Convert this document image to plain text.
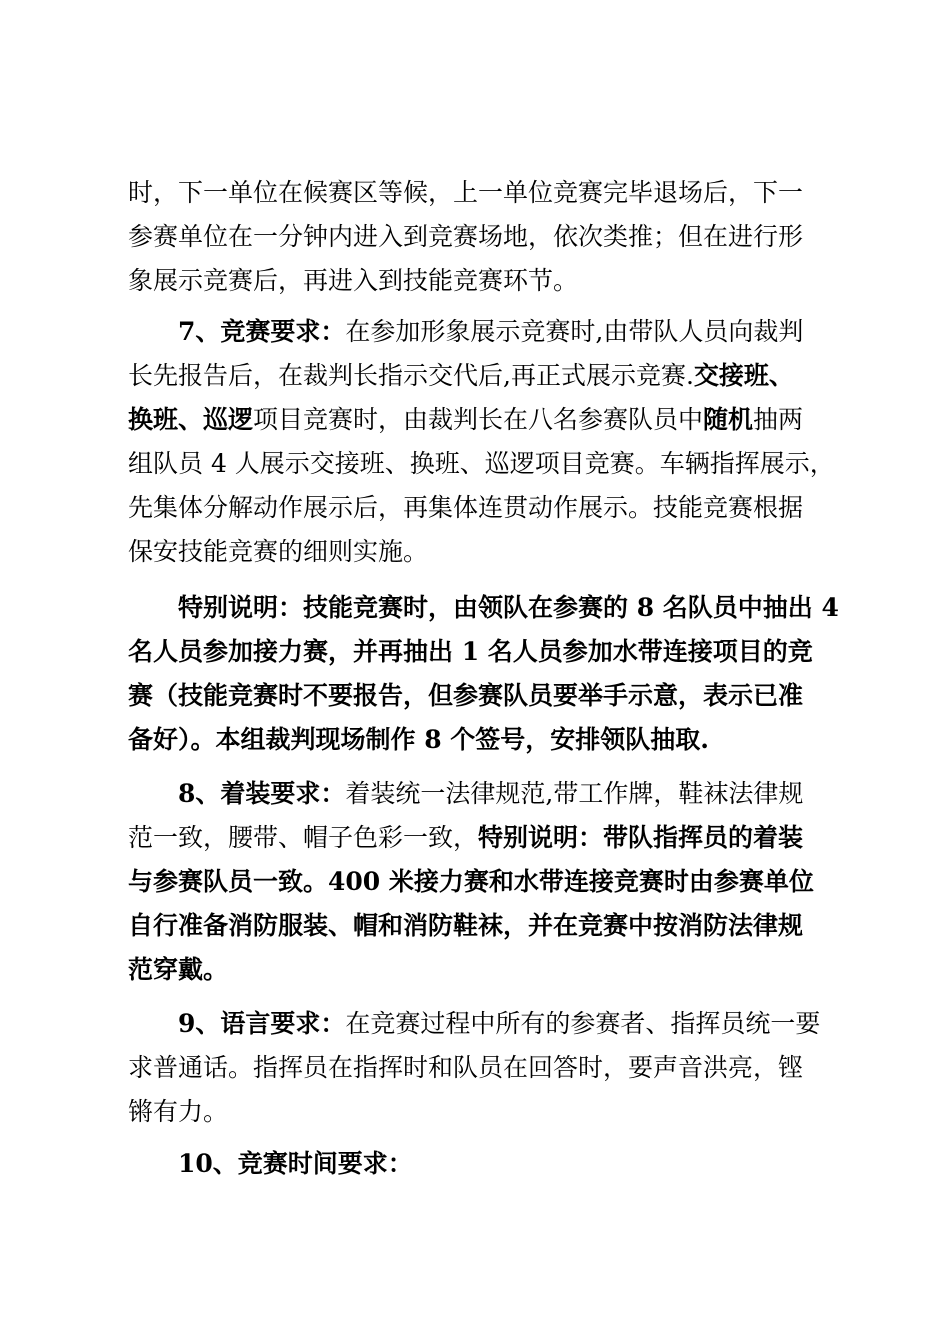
时，下一单位在候赛区等候，上一单位竞赛完毕退场后，下一
参赛单位在一分钟内进入到竞赛场地，依次类推；但在进行形
象展示竞赛后，再进入到技能竞赛环节。
7、竞赛要求：在参加形象展示竞赛时,由带队人员向裁判
长先报告后，在裁判长指示交代后,再正式展示竞赛.交接班、
换班、巡逻项目竞赛时，由裁判长在八名参赛队员中随机抽两
组队员 4 人展示交接班、换班、巡逻项目竞赛。车辆指挥展示，
先集体分解动作展示后，再集体连贯动作展示。技能竞赛根据
保安技能竞赛的细则实施。
特别说明：技能竞赛时，由领队在参赛的 8 名队员中抽出 4
名人员参加接力赛，并再抽出 1 名人员参加水带连接项目的竞
赛（技能竞赛时不要报告，但参赛队员要举手示意，表示已准
备好）。本组裁判现场制作 8 个签号，安排领队抽取.
8、着装要求：着装统一法律规范,带工作牌，鞋袜法律规
范一致，腰带、帽子色彩一致，特别说明：带队指挥员的着装
与参赛队员一致。400 米接力赛和水带连接竞赛时由参赛单位
自行准备消防服装、帽和消防鞋袜，并在竞赛中按消防法律规
范穿戴。
9、语言要求：在竞赛过程中所有的参赛者、指挥员统一要
求普通话。指挥员在指挥时和队员在回答时，要声音洪亮，铿
锵有力。
10、竞赛时间要求：
